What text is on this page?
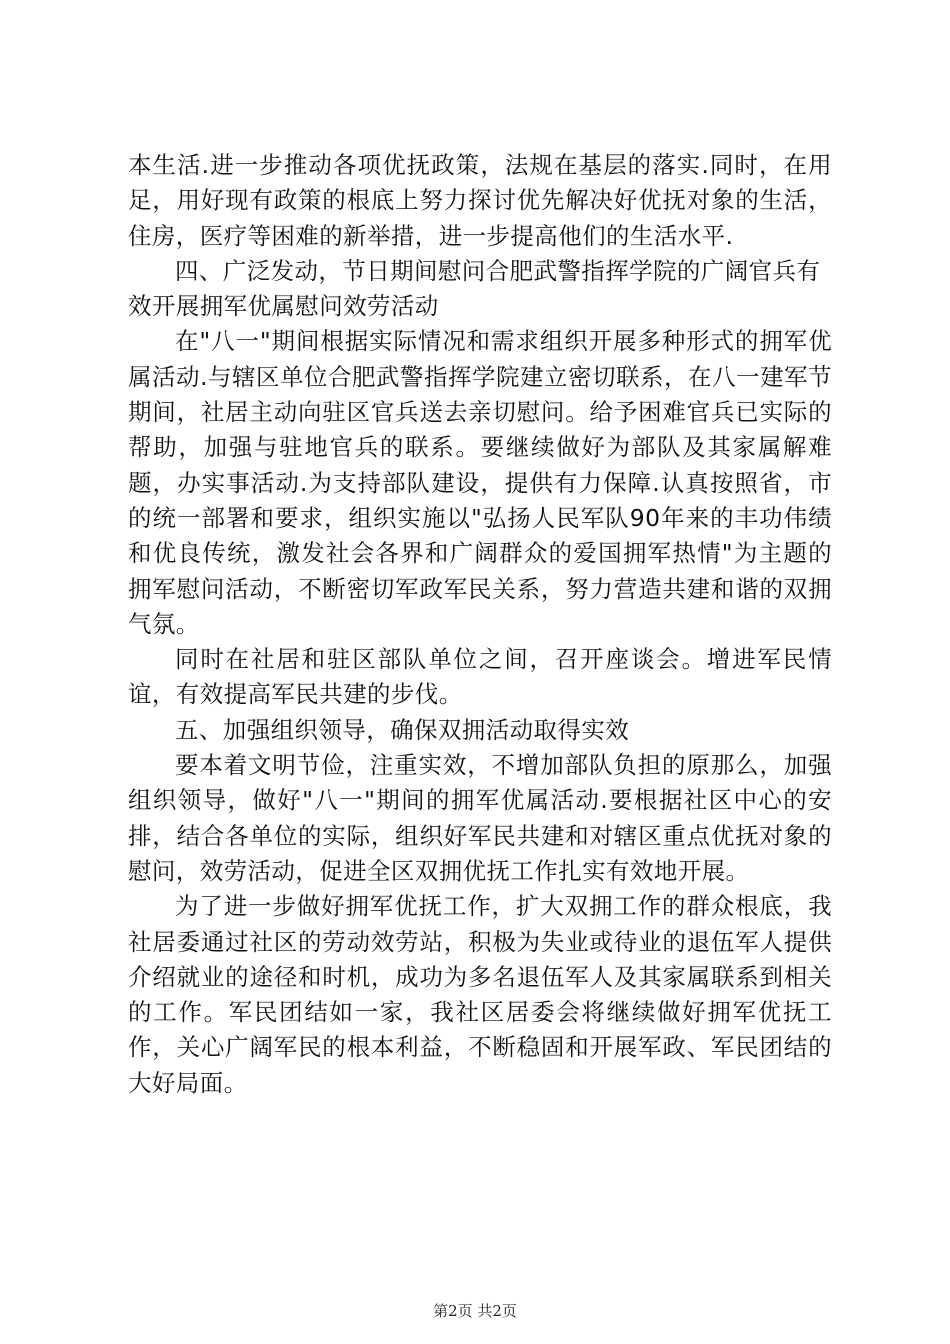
本生活.进一步推动各项优抚政策，法规在基层的落实.同时，在用足，用好现有政策的根底上努力探讨优先解决好优抚对象的生活，住房，医疗等困难的新举措，进一步提高他们的生活水平.

四、广泛发动，节日期间慰问合肥武警指挥学院的广阔官兵有效开展拥军优属慰问效劳活动

在"八一"期间根据实际情况和需求组织开展多种形式的拥军优属活动.与辖区单位合肥武警指挥学院建立密切联系，在八一建军节期间，社居主动向驻区官兵送去亲切慰问。给予困难官兵已实际的帮助，加强与驻地官兵的联系。要继续做好为部队及其家属解难题，办实事活动.为支持部队建设，提供有力保障.认真按照省，市的统一部署和要求，组织实施以"弘扬人民军队90年来的丰功伟绩和优良传统，激发社会各界和广阔群众的爱国拥军热情"为主题的拥军慰问活动，不断密切军政军民关系，努力营造共建和谐的双拥气氛。

同时在社居和驻区部队单位之间，召开座谈会。增进军民情谊，有效提高军民共建的步伐。

五、加强组织领导，确保双拥活动取得实效

要本着文明节俭，注重实效，不增加部队负担的原那么，加强组织领导，做好"八一"期间的拥军优属活动.要根据社区中心的安排，结合各单位的实际，组织好军民共建和对辖区重点优抚对象的慰问，效劳活动，促进全区双拥优抚工作扎实有效地开展。

为了进一步做好拥军优抚工作，扩大双拥工作的群众根底，我社居委通过社区的劳动效劳站，积极为失业或待业的退伍军人提供介绍就业的途径和时机，成功为多名退伍军人及其家属联系到相关的工作。军民团结如一家，我社区居委会将继续做好拥军优抚工作，关心广阔军民的根本利益，不断稳固和开展军政、军民团结的大好局面。

第2页 共2页
